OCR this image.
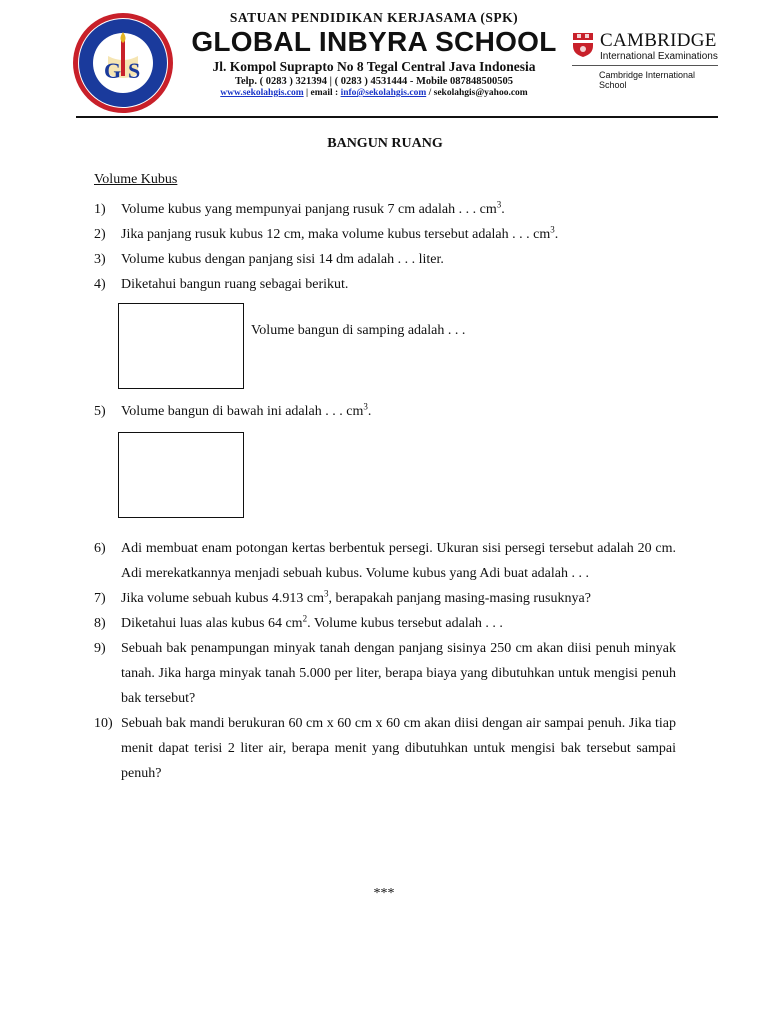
G S
SATUAN PENDIDIKAN KERJASAMA (SPK)
GLOBAL INBYRA SCHOOL
Jl. Kompol Suprapto No 8 Tegal Central Java Indonesia
Telp. ( 0283 ) 321394 | ( 0283 ) 4531444 - Mobile 087848500505
www.sekolahgis.com | email : info@sekolahgis.com / sekolahgis@yahoo.com
CAMBRIDGE
International Examinations
Cambridge International School
BANGUN RUANG
Volume Kubus
1) Volume kubus yang mempunyai panjang rusuk 7 cm adalah . . . $cm^3$.
2) Jika panjang rusuk kubus 12 cm, maka volume kubus tersebut adalah . . . $cm^3$.
3) Volume kubus dengan panjang sisi 14 dm adalah . . . liter.
4) Diketahui bangun ruang sebagai berikut.
Volume bangun di samping adalah . . .
5) Volume bangun di bawah ini adalah . . . $cm^3$.
6) Adi membuat enam potongan kertas berbentuk persegi. Ukuran sisi persegi tersebut adalah 20 cm. Adi merekatkannya menjadi sebuah kubus. Volume kubus yang Adi buat adalah . . .
7) Jika volume sebuah kubus 4.913 $cm^3$, berapakah panjang masing-masing rusuknya?
8) Diketahui luas alas kubus 64 $cm^2$. Volume kubus tersebut adalah . . .
9) Sebuah bak penampungan minyak tanah dengan panjang sisinya 250 cm akan diisi penuh minyak tanah. Jika harga minyak tanah 5.000 per liter, berapa biaya yang dibutuhkan untuk mengisi penuh bak tersebut?
10) Sebuah bak mandi berukuran 60 cm x 60 cm x 60 cm akan diisi dengan air sampai penuh. Jika tiap menit dapat terisi 2 liter air, berapa menit yang dibutuhkan untuk mengisi bak tersebut sampai penuh?
***
